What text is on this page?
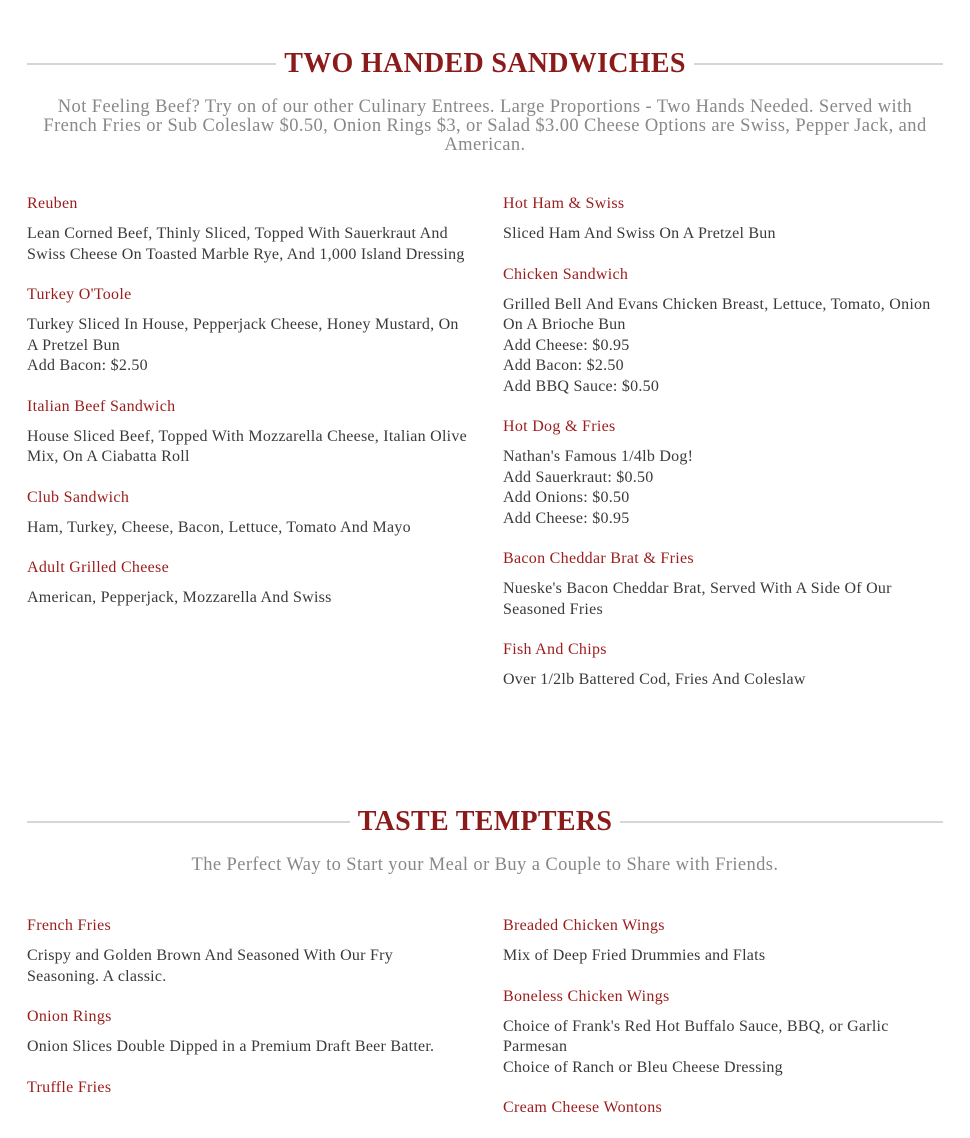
TWO HANDED SANDWICHES
Not Feeling Beef? Try on of our other Culinary Entrees. Large Proportions - Two Hands Needed. Served with French Fries or Sub Coleslaw $0.50, Onion Rings $3, or Salad $3.00 Cheese Options are Swiss, Pepper Jack, and American.
Reuben
Lean Corned Beef, Thinly Sliced, Topped With Sauerkraut And Swiss Cheese On Toasted Marble Rye, And 1,000 Island Dressing
Turkey O'Toole
Turkey Sliced In House, Pepperjack Cheese, Honey Mustard, On A Pretzel Bun
Add Bacon: $2.50
Italian Beef Sandwich
House Sliced Beef, Topped With Mozzarella Cheese, Italian Olive Mix, On A Ciabatta Roll
Club Sandwich
Ham, Turkey, Cheese, Bacon, Lettuce, Tomato And Mayo
Adult Grilled Cheese
American, Pepperjack, Mozzarella And Swiss
Hot Ham & Swiss
Sliced Ham And Swiss On A Pretzel Bun
Chicken Sandwich
Grilled Bell And Evans Chicken Breast, Lettuce, Tomato, Onion On A Brioche Bun
Add Cheese: $0.95
Add Bacon: $2.50
Add BBQ Sauce: $0.50
Hot Dog & Fries
Nathan's Famous 1/4lb Dog!
Add Sauerkraut: $0.50
Add Onions: $0.50
Add Cheese: $0.95
Bacon Cheddar Brat & Fries
Nueske's Bacon Cheddar Brat, Served With A Side Of Our Seasoned Fries
Fish And Chips
Over 1/2lb Battered Cod, Fries And Coleslaw
TASTE TEMPTERS
The Perfect Way to Start your Meal or Buy a Couple to Share with Friends.
French Fries
Crispy and Golden Brown And Seasoned With Our Fry Seasoning. A classic.
Onion Rings
Onion Slices Double Dipped in a Premium Draft Beer Batter.
Truffle Fries
Breaded Chicken Wings
Mix of Deep Fried Drummies and Flats
Boneless Chicken Wings
Choice of Frank's Red Hot Buffalo Sauce, BBQ, or Garlic Parmesan
Choice of Ranch or Bleu Cheese Dressing
Cream Cheese Wontons
